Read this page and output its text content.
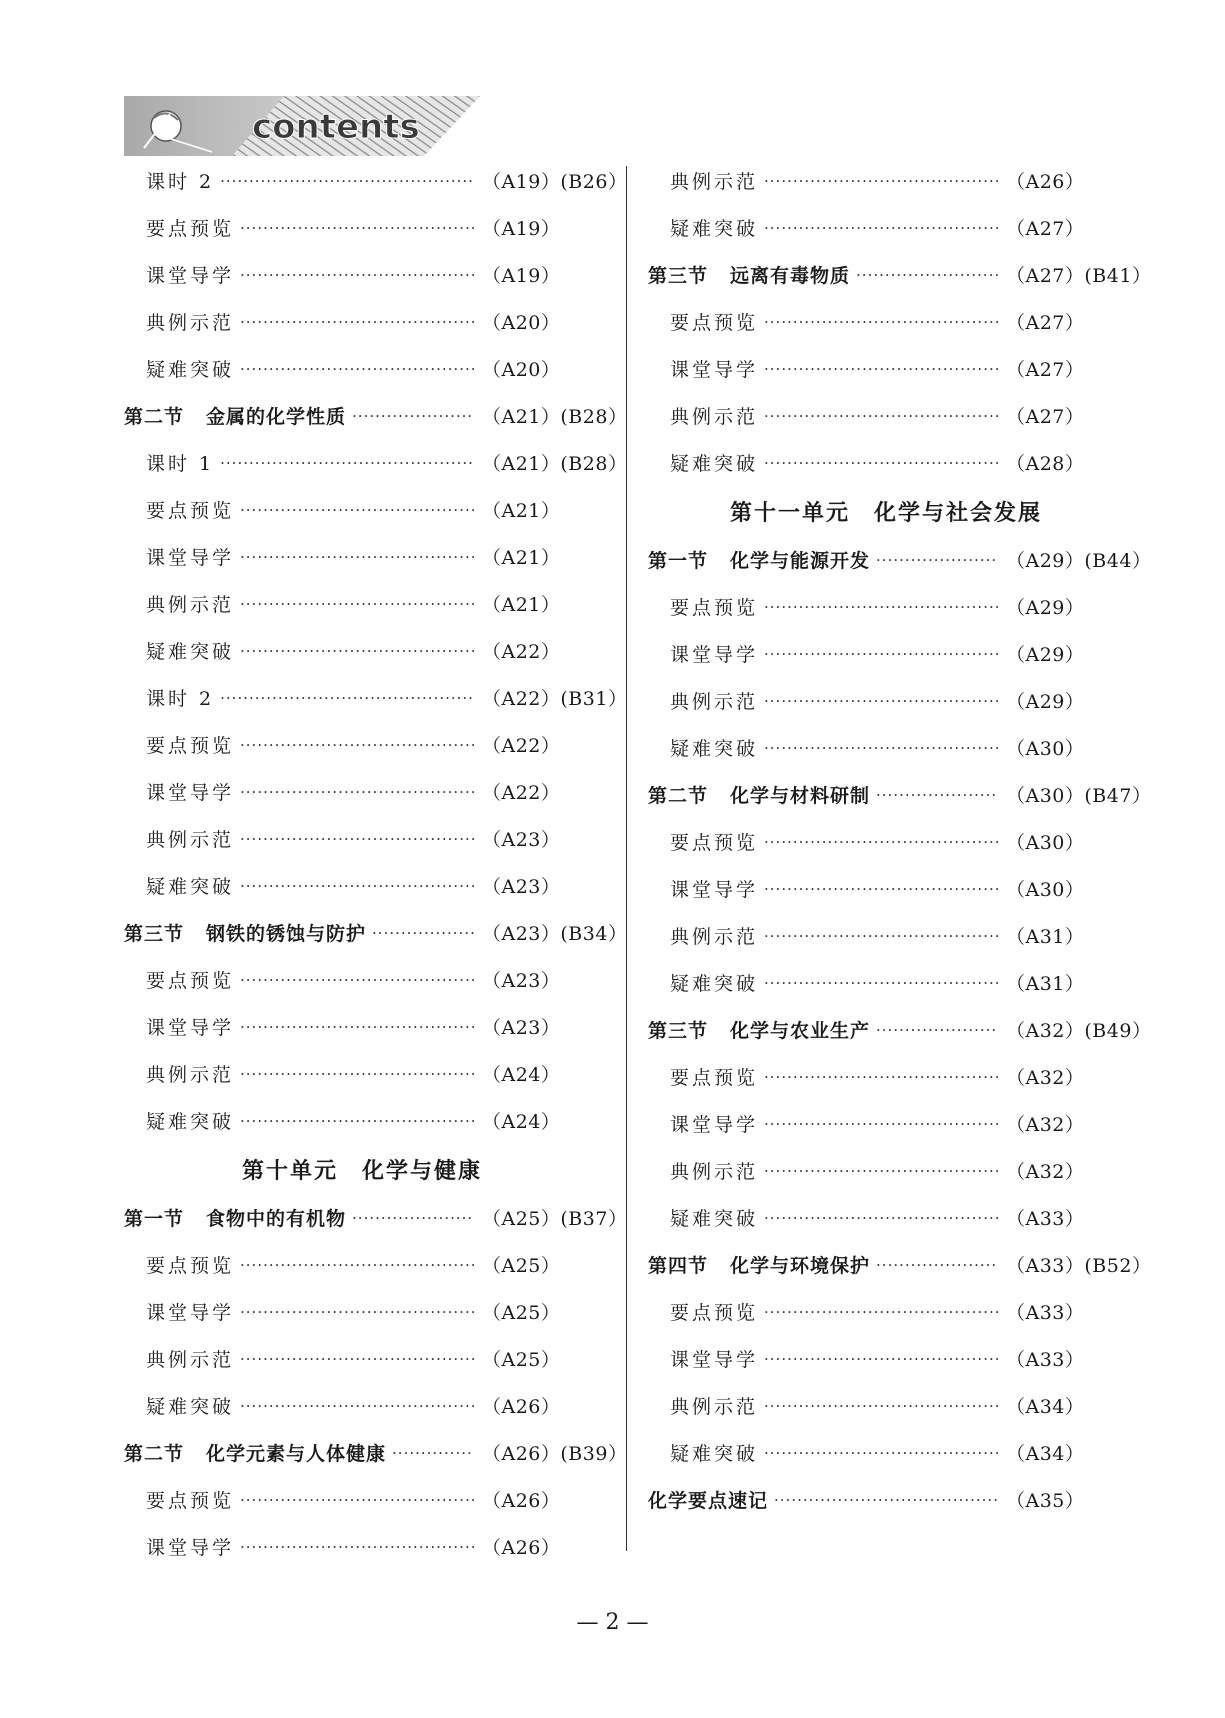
contents
课时 2 ·····	（A19）(B26）
要点预览 ·····	（A19）
课堂导学 ·····	（A19）
典例示范 ·····	（A20）
疑难突破 ·····	（A20）
第二节 金属的化学性质 ·····	（A21）(B28）
课时 1 ·····	（A21）(B28）
要点预览 ·····	（A21）
课堂导学 ·····	（A21）
典例示范 ·····	（A21）
疑难突破 ·····	（A22）
课时 2 ·····	（A22）(B31）
要点预览 ·····	（A22）
课堂导学 ·····	（A22）
典例示范 ·····	（A23）
疑难突破 ·····	（A23）
第三节 钢铁的锈蚀与防护 ·····	（A23）(B34）
要点预览 ·····	（A23）
课堂导学 ·····	（A23）
典例示范 ·····	（A24）
疑难突破 ·····	（A24）
第十单元 化学与健康
第一节 食物中的有机物 ·····	（A25）(B37）
要点预览 ·····	（A25）
课堂导学 ·····	（A25）
典例示范 ·····	（A25）
疑难突破 ·····	（A26）
第二节 化学元素与人体健康 ·····	（A26）(B39）
要点预览 ·····	（A26）
课堂导学 ·····	（A26）
典例示范 ·····	（A26）
疑难突破 ·····	（A27）
第三节 远离有毒物质 ·····	（A27）(B41）
要点预览 ·····	（A27）
课堂导学 ·····	（A27）
典例示范 ·····	（A27）
疑难突破 ·····	（A28）
第十一单元 化学与社会发展
第一节 化学与能源开发 ·····	（A29）(B44）
要点预览 ·····	（A29）
课堂导学 ·····	（A29）
典例示范 ·····	（A29）
疑难突破 ·····	（A30）
第二节 化学与材料研制 ·····	（A30）(B47）
要点预览 ·····	（A30）
课堂导学 ·····	（A30）
典例示范 ·····	（A31）
疑难突破 ·····	（A31）
第三节 化学与农业生产 ·····	（A32）(B49）
要点预览 ·····	（A32）
课堂导学 ·····	（A32）
典例示范 ·····	（A32）
疑难突破 ·····	（A33）
第四节 化学与环境保护 ·····	（A33）(B52）
要点预览 ·····	（A33）
课堂导学 ·····	（A33）
典例示范 ·····	（A34）
疑难突破 ·····	（A34）
化学要点速记 ·····	（A35）
— 2 —
